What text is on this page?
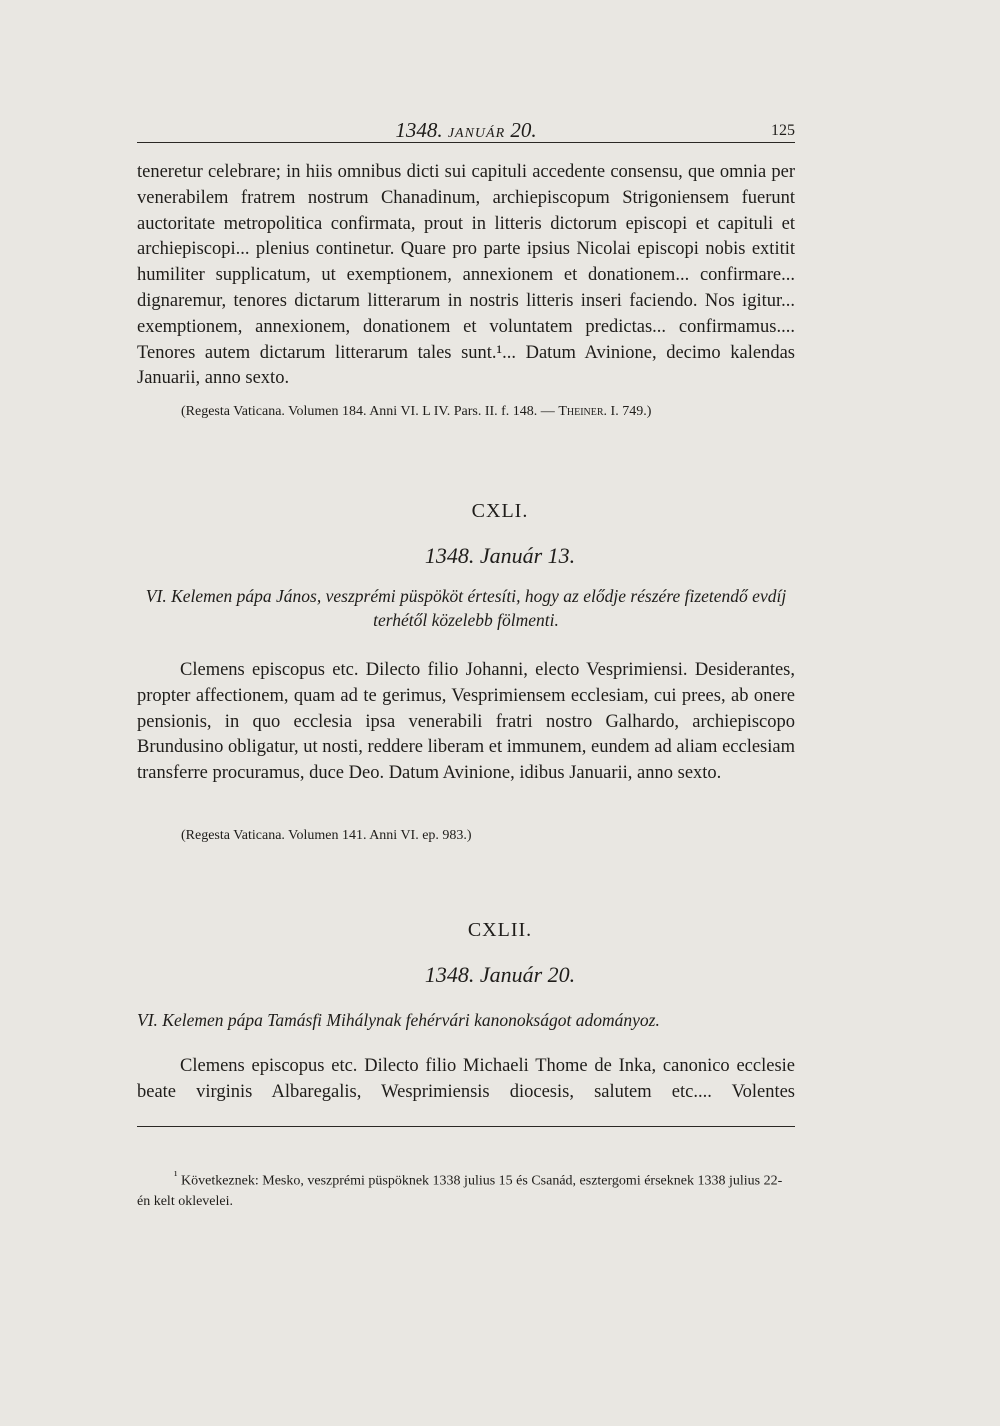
1348. JANUÁR 20.	125
teneretur celebrare; in hiis omnibus dicti sui capituli accedente consensu, que omnia per venerabilem fratrem nostrum Chanadinum, archiepiscopum Strigoniensem fuerunt auctoritate metropolitica confirmata, prout in litteris dictorum episcopi et capituli et archiepiscopi... plenius continetur. Quare pro parte ipsius Nicolai episcopi nobis extitit humiliter supplicatum, ut exemptionem, annexionem et donationem... confirmare... dignaremur, tenores dictarum litterarum in nostris litteris inseri faciendo. Nos igitur... exemptionem, annexionem, donationem et voluntatem predictas... confirmamus.... Tenores autem dictarum litterarum tales sunt.¹... Datum Avinione, decimo kalendas Januarii, anno sexto.
(Regesta Vaticana. Volumen 184. Anni VI. L IV. Pars. II. f. 148. — Theiner. I. 749.)
CXLI.
1348. Január 13.
VI. Kelemen pápa János, veszprémi püspököt értesíti, hogy az elődje részére fizetendő evdíj terhétől közelebb fölmenti.
Clemens episcopus etc. Dilecto filio Johanni, electo Vesprimiensi. Desiderantes, propter affectionem, quam ad te gerimus, Vesprimiensem ecclesiam, cui prees, ab onere pensionis, in quo ecclesia ipsa venerabili fratri nostro Galhardo, archiepiscopo Brundusino obligatur, ut nosti, reddere liberam et immunem, eundem ad aliam ecclesiam transferre procuramus, duce Deo. Datum Avinione, idibus Januarii, anno sexto.
(Regesta Vaticana. Volumen 141. Anni VI. ep. 983.)
CXLII.
1348. Január 20.
VI. Kelemen pápa Tamásfi Mihálynak fehérvári kanonokságot adományoz.
Clemens episcopus etc. Dilecto filio Michaeli Thome de Inka, canonico ecclesie beate virginis Albaregalis, Wesprimiensis diocesis, salutem etc.... Volentes
$^{^1}$ Következnek: Mesko, veszprémi püspöknek 1338 julius 15 és Csanád, esztergomi érseknek 1338 julius 22-én kelt oklevelei.
